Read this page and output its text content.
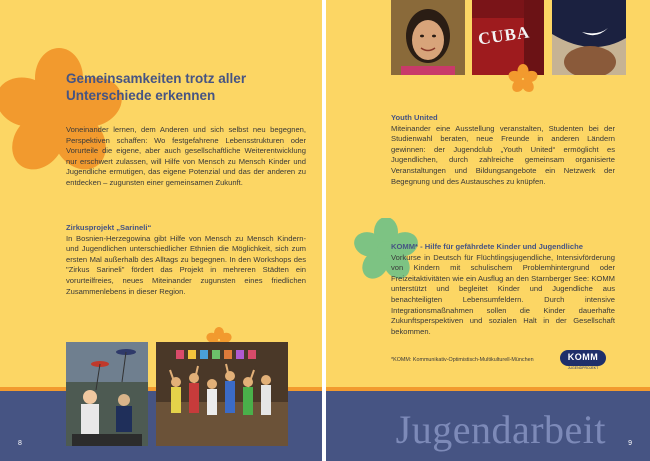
Gemeinsamkeiten trotz aller Unterschiede erkennen

Voneinander lernen, dem Anderen und sich selbst neu begegnen, Perspektiven schaffen: Wo festgefahrene Lebensstrukturen oder Vorurteile die eigene, aber auch gesellschaftliche Weiterentwicklung nur erschwert zulassen, will Hilfe von Mensch zu Mensch Kinder und Jugendliche ermutigen, das eigene Potenzial und das der anderen zu entdecken – zugunsten einer gemeinsamen Zukunft.

Zirkusprojekt „Sarineli“

In Bosnien-Herzegowina gibt Hilfe von Mensch zu Mensch Kindern- und Jugendlichen unterschiedlicher Ethnien die Möglichkeit, sich zum ersten Mal außerhalb des Alltags zu begegnen. In den Workshops des "Zirkus Sarineli" fördert das Projekt in mehreren Städten ein vorurteilfreies, neues Miteinander zugunsten eines friedlichen Zusammenlebens in dieser Region.

8
CUBA
9

Youth United

Miteinander eine Ausstellung veranstalten, Studenten bei der Studienwahl beraten, neue Freunde in anderen Ländern gewinnen: der Jugendclub „Youth United“ ermöglicht es Jugendlichen, durch zahlreiche gemeinsam organisierte Veranstaltungen und Bildungsangebote ein Netzwerk der Begegnung und des Austausches zu knüpfen.

KOMM* - Hilfe für gefährdete Kinder und Jugendliche

Vorkurse in Deutsch für Flüchtlingsjugendliche, Intensivförderung von Kindern mit schulischem Problemhintergrund oder Freizeitaktivitäten wie ein Ausflug an den Starnberger See: KOMM unterstützt und begleitet Kinder und Jugendliche aus benachteiligten Lebensumfeldern. Durch intensive Integrationsmaßnahmen sollen die Kinder dauerhafte Zukunftsperspektiven und sozialen Halt in der Gesellschaft bekommen.

*KOMM: Kommunikativ-Optimistisch-Multikulturell-München	KOMM
JUGENDPROJEKT
Jugendarbeit
